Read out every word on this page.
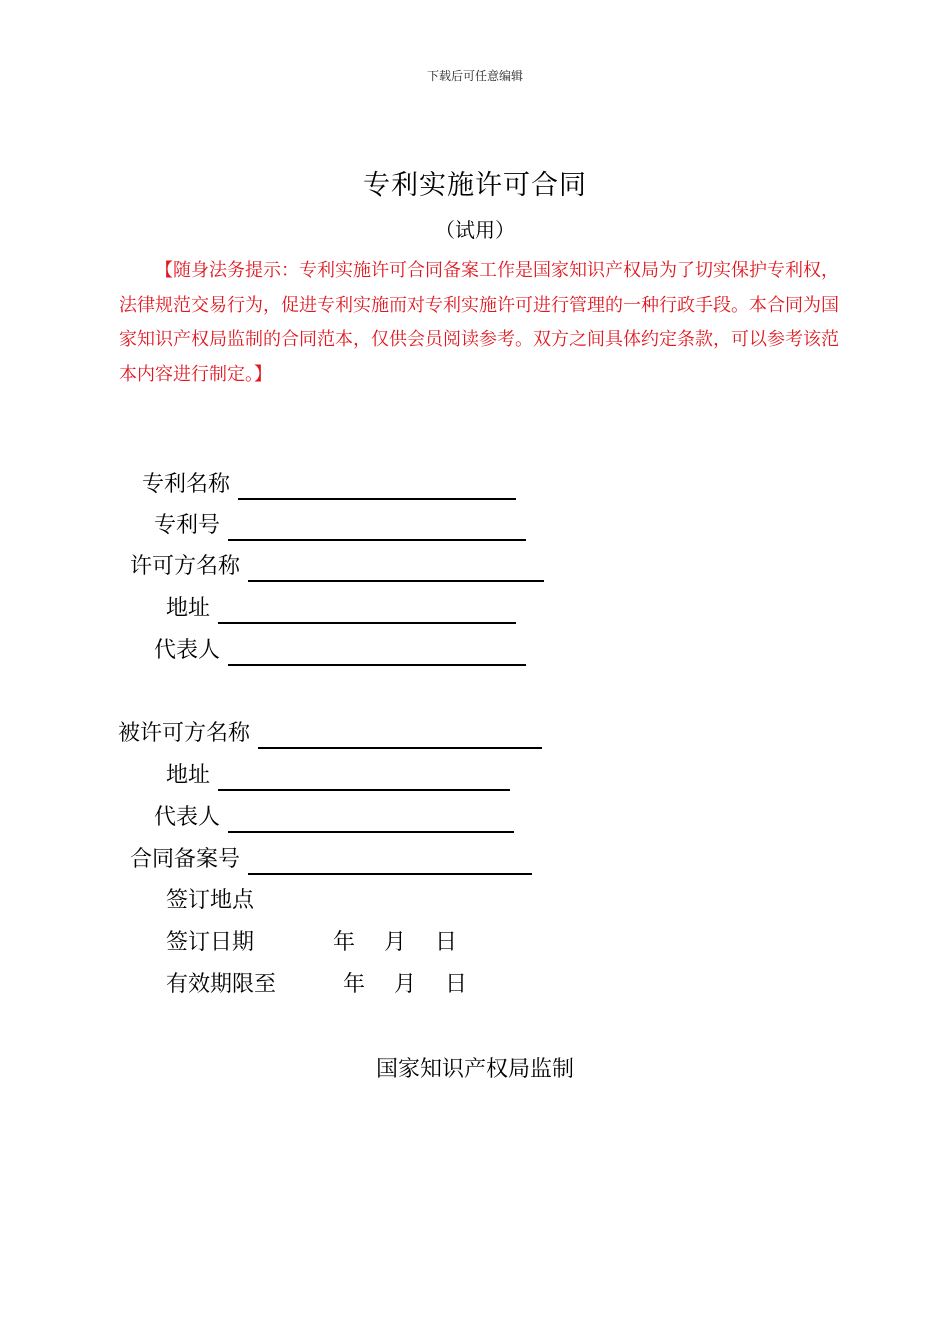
下载后可任意编辑
专利实施许可合同
（试用）
【随身法务提示：专利实施许可合同备案工作是国家知识产权局为了切实保护专利权，法律规范交易行为，促进专利实施而对专利实施许可进行管理的一种行政手段。本合同为国家知识产权局监制的合同范本，仅供会员阅读参考。双方之间具体约定条款，可以参考该范本内容进行制定。】
专利名称
专利号
许可方名称
地址
代表人
被许可方名称
地址
代表人
合同备案号
签订地点
签订日期	年 月 日
有效期限至	年 月 日
国家知识产权局监制
